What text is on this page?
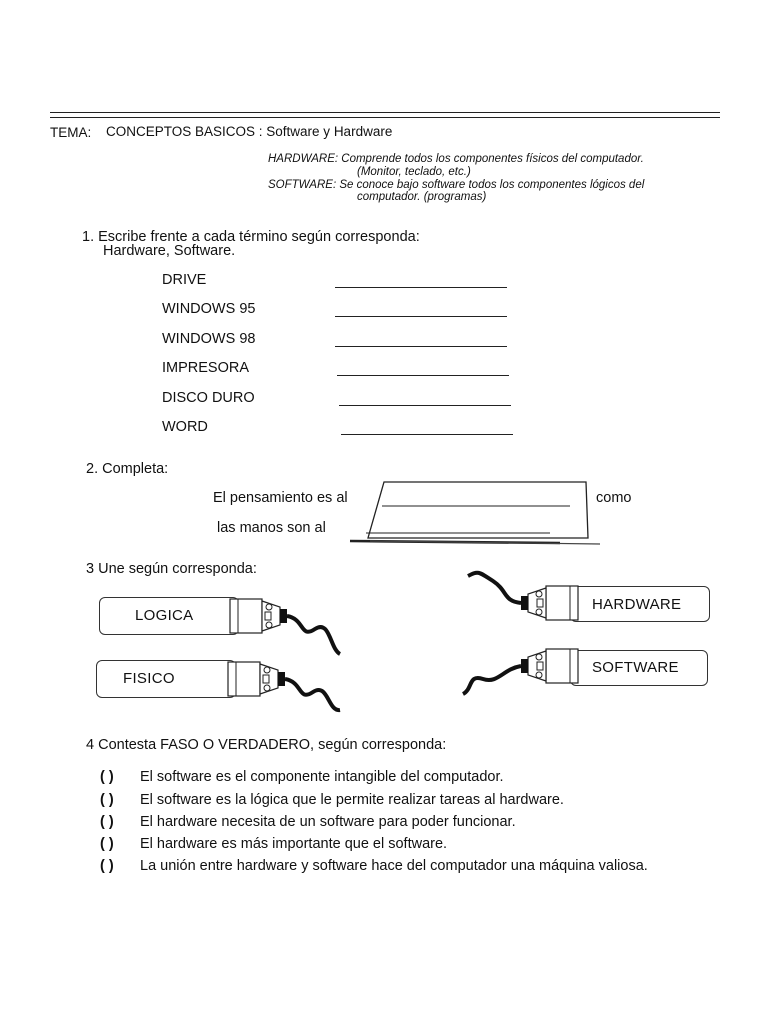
TEMA: CONCEPTOS BASICOS : Software y Hardware
HARDWARE: Comprende todos los componentes físicos del computador.
(Monitor, teclado, etc.)
SOFTWARE: Se conoce bajo software todos los componentes lógicos del
computador. (programas)
1. Escribe frente a cada término según corresponda:
Hardware, Software.
DRIVE
WINDOWS 95
WINDOWS 98
IMPRESORA
DISCO DURO
WORD
2. Completa:
El pensamiento es al	como
las manos son al
3 Une según corresponda:
LOGICA
FISICO
HARDWARE
SOFTWARE
4 Contesta FASO O VERDADERO, según corresponda:
( ) El software es el componente intangible del computador.
( ) El software es la lógica que le permite realizar tareas al hardware.
( ) El hardware necesita de un software para poder funcionar.
( ) El hardware es más importante que el software.
( ) La unión entre hardware y software hace del computador una máquina valiosa.
